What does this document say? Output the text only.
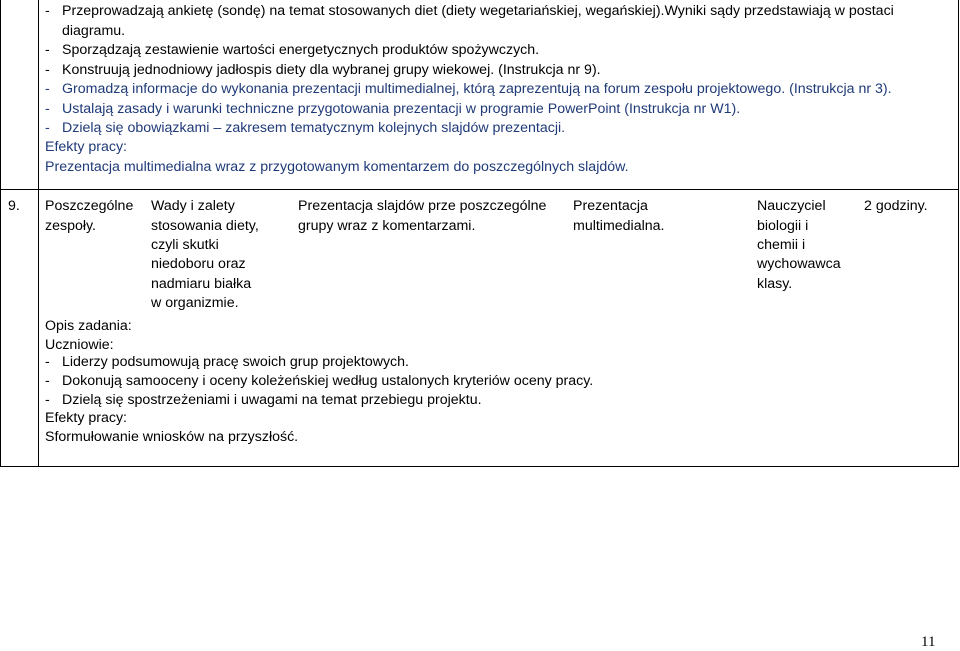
- Przeprowadzają ankietę (sondę) na temat stosowanych diet (diety wegetariańskiej, wegańskiej).Wyniki sądy przedstawiają w postaci
diagramu.
- Sporządzają zestawienie wartości energetycznych produktów spożywczych.
- Konstruują jednodniowy jadłospis diety dla wybranej grupy wiekowej. (Instrukcja nr 9).
- Gromadzą informacje do wykonania prezentacji multimedialnej, którą zaprezentują na forum zespołu projektowego. (Instrukcja nr 3).
- Ustalają zasady i warunki techniczne przygotowania prezentacji w programie PowerPoint (Instrukcja nr W1).
- Dzielą się obowiązkami – zakresem tematycznym kolejnych slajdów prezentacji.
Efekty pracy:
Prezentacja multimedialna wraz z przygotowanym komentarzem do poszczególnych slajdów.
9. Poszczególne
zespoły.
Wady i zalety
stosowania diety,
czyli skutki
niedoboru oraz
nadmiaru białka
w organizmie.
Prezentacja slajdów prze poszczególne
grupy wraz z komentarzami.
Prezentacja
multimedialna.
Nauczyciel
biologii i
chemii i
wychowawca
klasy.
2 godziny.
Opis zadania:
Uczniowie:
- Liderzy podsumowują pracę swoich grup projektowych.
- Dokonują samooceny i oceny koleżeńskiej według ustalonych kryteriów oceny pracy.
- Dzielą się spostrzeżeniami i uwagami na temat przebiegu projektu.
Efekty pracy:
Sformułowanie wniosków na przyszłość.
11
